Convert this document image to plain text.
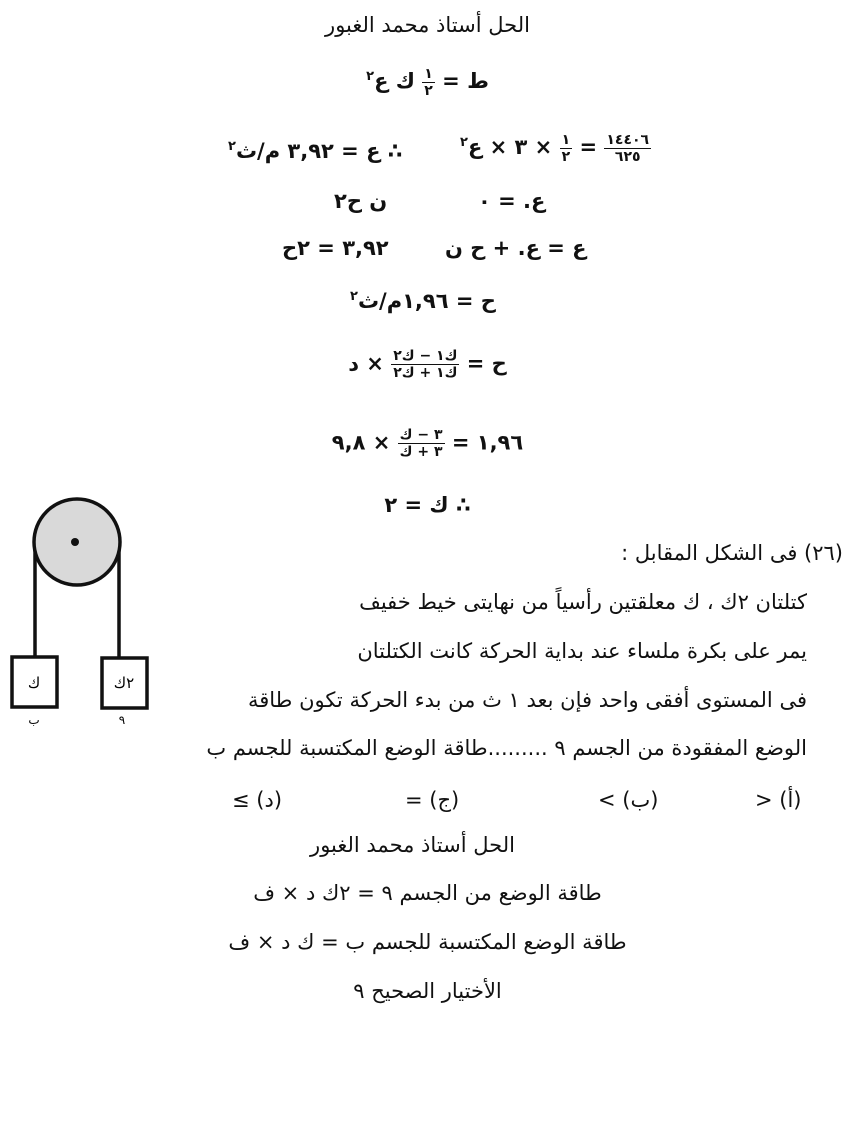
الحل أستاذ محمد الغبور
ط =
$\frac{١}{٢}$
ك ع$^٢$
$\frac{١٤٤٠٦}{٦٢٥}$
=
$\frac{١}{٢}$
× ٣ × ع$^٢$
∴ ع = ٣,٩٢ م/ث$^٢$
ع. = ٠
ن ح٢
ع = ع. + ح ن
٣,٩٢ = ٢ح
ح = ١,٩٦م/ث$^٢$
ح =
$\frac{\text{ك١ − ك٢}}{\text{ك١ + ك٢}}$
× د
١,٩٦ =
$\frac{\text{٣ − ك}}{\text{٣ + ك}}$
× ٩,٨
∴ ك = ٢
(٢٦) فى الشكل المقابل :
كتلتان ٢ك ، ك معلقتين رأسياً من نهايتى خيط خفيف
يمر على بكرة ملساء عند بداية الحركة كانت الكتلتان
فى المستوى أفقى واحد فإن بعد ١ ث من بدء الحركة تكون طاقة
الوضع المفقودة من الجسم ٩ .........طاقة الوضع المكتسبة للجسم ب
(أ) <
(ب) >
(ج) =
(د) ≥
الحل أستاذ محمد الغبور
طاقة الوضع من الجسم ٩ = ٢ك د × ف
طاقة الوضع المكتسبة للجسم ب = ك د × ف
الأختيار الصحيح ٩
ك	٢ك
ب	٩
